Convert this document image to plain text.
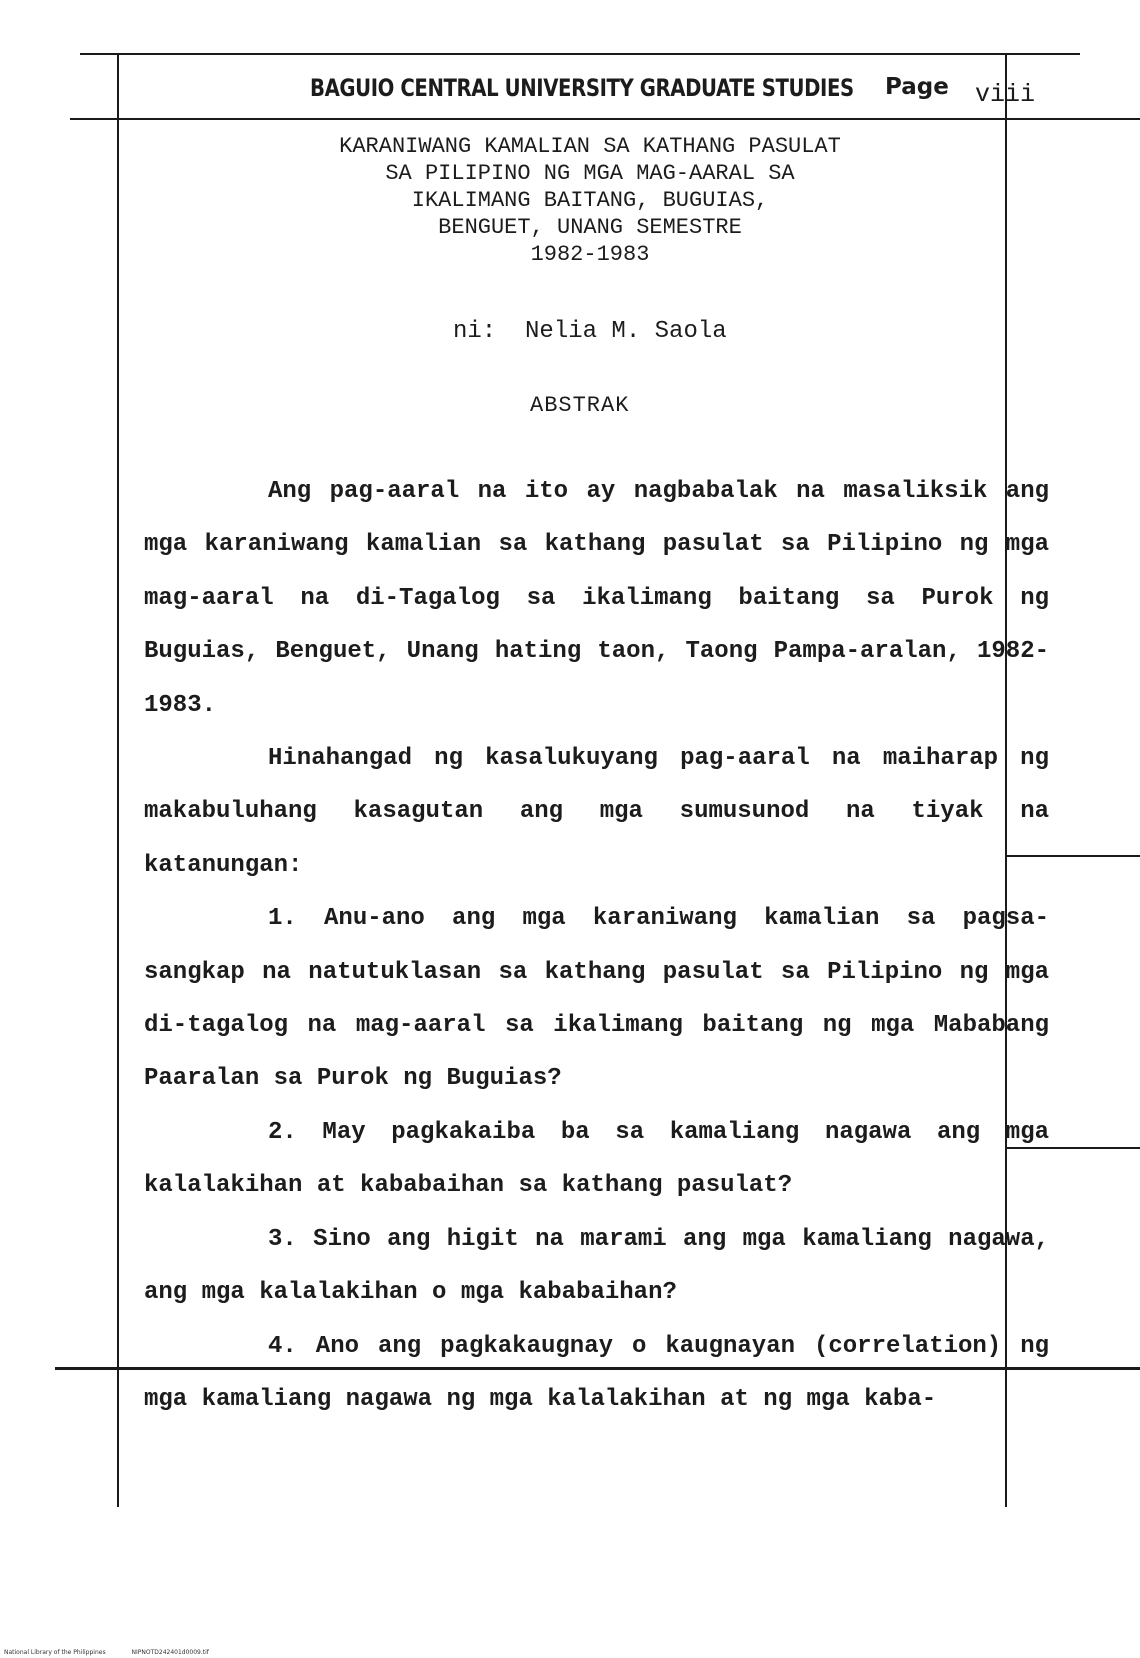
BAGUIO CENTRAL UNIVERSITY GRADUATE STUDIES Page viii
KARANIWANG KAMALIAN SA KATHANG PASULAT
SA PILIPINO NG MGA MAG-AARAL SA
IKALIMANG BAITANG, BUGUIAS,
BENGUET, UNANG SEMESTRE
1982-1983
ni:  Nelia M. Saola
ABSTRAK

Ang pag-aaral na ito ay nagbabalak na masaliksik ang mga karaniwang kamalian sa kathang pasulat sa Pilipino ng mga mag-aaral na di-Tagalog sa ikalimang baitang sa Purok ng Buguias, Benguet, Unang hating taon, Taong Pampa-aralan, 1982-1983.

Hinahangad ng kasalukuyang pag-aaral na maiharap ng makabuluhang kasagutan ang mga sumusunod na tiyak na katanungan:

1. Anu-ano ang mga karaniwang kamalian sa pagsa-sangkap na natutuklasan sa kathang pasulat sa Pilipino ng mga di-tagalog na mag-aaral sa ikalimang baitang ng mga Mababang Paaralan sa Purok ng Buguias?

2. May pagkakaiba ba sa kamaliang nagawa ang mga kalalakihan at kababaihan sa kathang pasulat?

3. Sino ang higit na marami ang mga kamaliang nagawa, ang mga kalalakihan o mga kababaihan?

4. Ano ang pagkakaugnay o kaugnayan (correlation) ng mga kamaliang nagawa ng mga kalalakihan at ng mga kaba-

National Library of the Philippines	NIPNOTD242401d0009.tif
